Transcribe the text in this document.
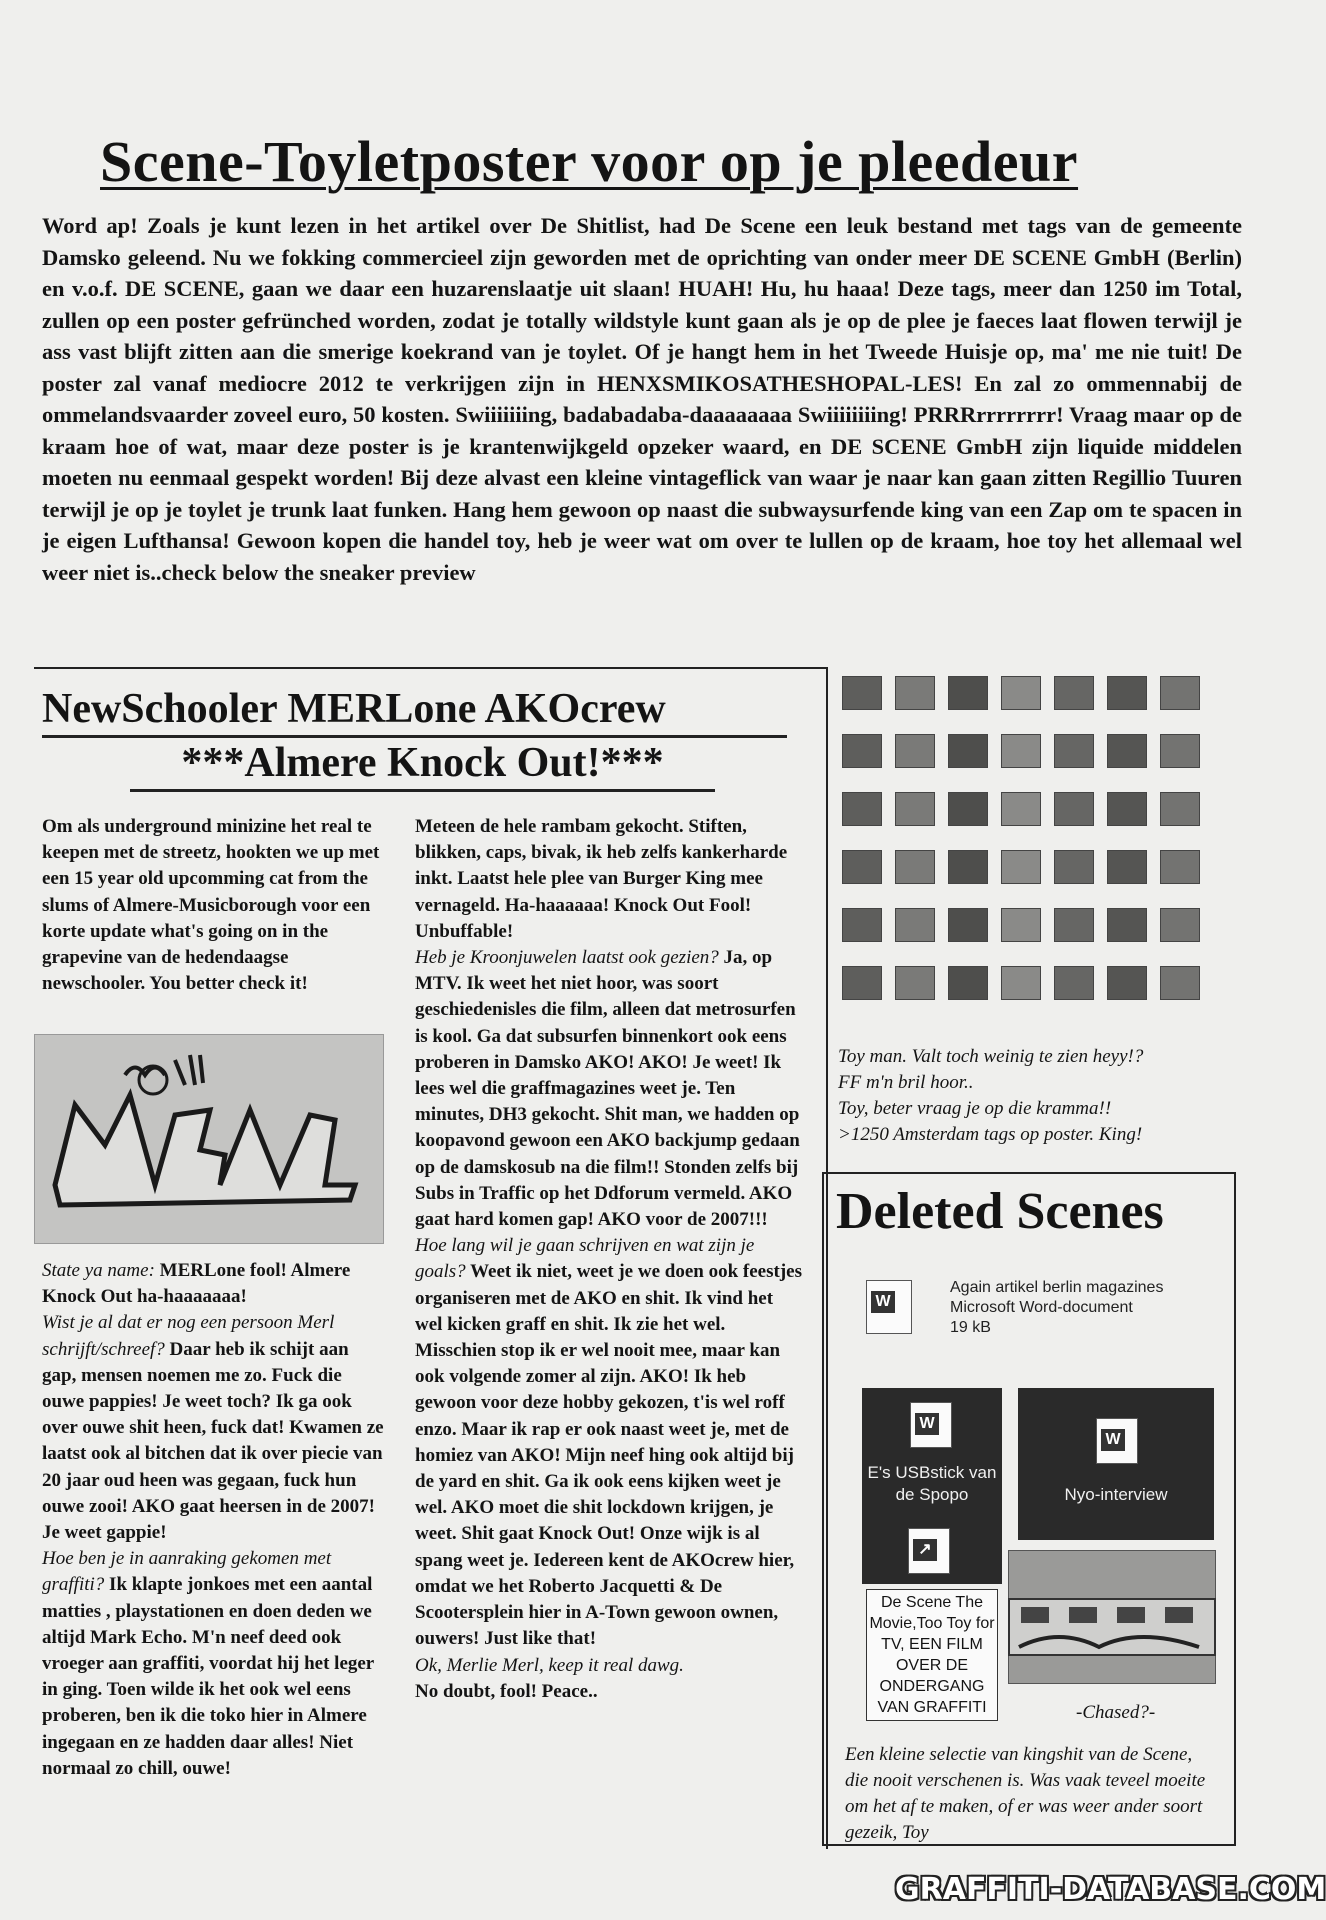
Scene-Toyletposter voor op je pleedeur
Word ap! Zoals je kunt lezen in het artikel over De Shitlist, had De Scene een leuk bestand met tags van de gemeente Damsko geleend. Nu we fokking commercieel zijn geworden met de oprichting van onder meer DE SCENE GmbH (Berlin) en v.o.f. DE SCENE, gaan we daar een huzarenslaatje uit slaan! HUAH! Hu, hu haaa! Deze tags, meer dan 1250 im Total, zullen op een poster gefrünched worden, zodat je totally wildstyle kunt gaan als je op de plee je faeces laat flowen terwijl je ass vast blijft zitten aan die smerige koekrand van je toylet. Of je hangt hem in het Tweede Huisje op, ma' me nie tuit! De poster zal vanaf mediocre 2012 te verkrijgen zijn in HENXSMIKOSATHESHOPAL-LES! En zal zo ommennabij de ommelandsvaarder zoveel euro, 50 kosten. Swiiiiiiing, badabadaba-daaaaaaaa Swiiiiiiiing! PRRRrrrrrrrr! Vraag maar op de kraam hoe of wat, maar deze poster is je krantenwijkgeld opzeker waard, en DE SCENE GmbH zijn liquide middelen moeten nu eenmaal gespekt worden! Bij deze alvast een kleine vintageflick van waar je naar kan gaan zitten Regillio Tuuren terwijl je op je toylet je trunk laat funken. Hang hem gewoon op naast die subwaysurfende king van een Zap om te spacen in je eigen Lufthansa! Gewoon kopen die handel toy, heb je weer wat om over te lullen op de kraam, hoe toy het allemaal wel weer niet is..check below the sneaker preview
NewSchooler MERLone AKOcrew
***Almere Knock Out!***
Om als underground minizine het real te keepen met de streetz, hookten we up met een 15 year old upcomming cat from the slums of Almere-Musicborough voor een korte update what's going on in the grapevine van de hedendaagse newschooler. You better check it!

State ya name: MERLone fool! Almere Knock Out ha-haaaaaaa!

Wist je al dat er nog een persoon Merl schrijft/schreef? Daar heb ik schijt aan gap, mensen noemen me zo. Fuck die ouwe pappies! Je weet toch? Ik ga ook over ouwe shit heen, fuck dat! Kwamen ze laatst ook al bitchen dat ik over piecie van 20 jaar oud heen was gegaan, fuck hun ouwe zooi! AKO gaat heersen in de 2007! Je weet gappie!

Hoe ben je in aanraking gekomen met graffiti? Ik klapte jonkoes met een aantal matties , playstationen en doen deden we altijd Mark Echo. M'n neef deed ook vroeger aan graffiti, voordat hij het leger in ging. Toen wilde ik het ook wel eens proberen, ben ik die toko hier in Almere ingegaan en ze hadden daar alles! Niet normaal zo chill, ouwe!

Meteen de hele rambam gekocht. Stiften, blikken, caps, bivak, ik heb zelfs kankerharde inkt. Laatst hele plee van Burger King mee vernageld. Ha-haaaaaa! Knock Out Fool! Unbuffable!

Heb je Kroonjuwelen laatst ook gezien? Ja, op MTV. Ik weet het niet hoor, was soort geschiedenisles die film, alleen dat metrosurfen is kool. Ga dat subsurfen binnenkort ook eens proberen in Damsko AKO! AKO! Je weet! Ik lees wel die graffmagazines weet je. Ten minutes, DH3 gekocht. Shit man, we hadden op koopavond gewoon een AKO backjump gedaan op de damskosub na die film!! Stonden zelfs bij Subs in Traffic op het Ddforum vermeld. AKO gaat hard komen gap! AKO voor de 2007!!!

Hoe lang wil je gaan schrijven en wat zijn je goals? Weet ik niet, weet je we doen ook feestjes organiseren met de AKO en shit. Ik vind het wel kicken graff en shit. Ik zie het wel. Misschien stop ik er wel nooit mee, maar kan ook volgende zomer al zijn. AKO! Ik heb gewoon voor deze hobby gekozen, t'is wel roff enzo. Maar ik rap er ook naast weet je, met de homiez van AKO! Mijn neef hing ook altijd bij de yard en shit. Ga ik ook eens kijken weet je wel. AKO moet die shit lockdown krijgen, je weet. Shit gaat Knock Out! Onze wijk is al spang weet je. Iedereen kent de AKOcrew hier, omdat we het Roberto Jacquetti & De Scootersplein hier in A-Town gewoon ownen, ouwers! Just like that!

Ok, Merlie Merl, keep it real dawg.

No doubt, fool! Peace..

Toy man. Valt toch weinig te zien heyy!?

FF m'n bril hoor..

Toy, beter vraag je op die kramma!!

>1250 Amsterdam tags op poster. King!

Deleted Scenes
W
Again artikel berlin magazines
Microsoft Word-document
19 kB
W
E's USBstick van de Spopo
W
Nyo-interview
↗
De Scene The Movie,Too Toy for TV, EEN FILM OVER DE ONDERGANG VAN GRAFFITI	-Chased?-
Een kleine selectie van kingshit van de Scene, die nooit verschenen is. Was vaak teveel moeite om het af te maken, of er was weer ander soort gezeik, Toy
GRAFFITI-DATABASE.COM
